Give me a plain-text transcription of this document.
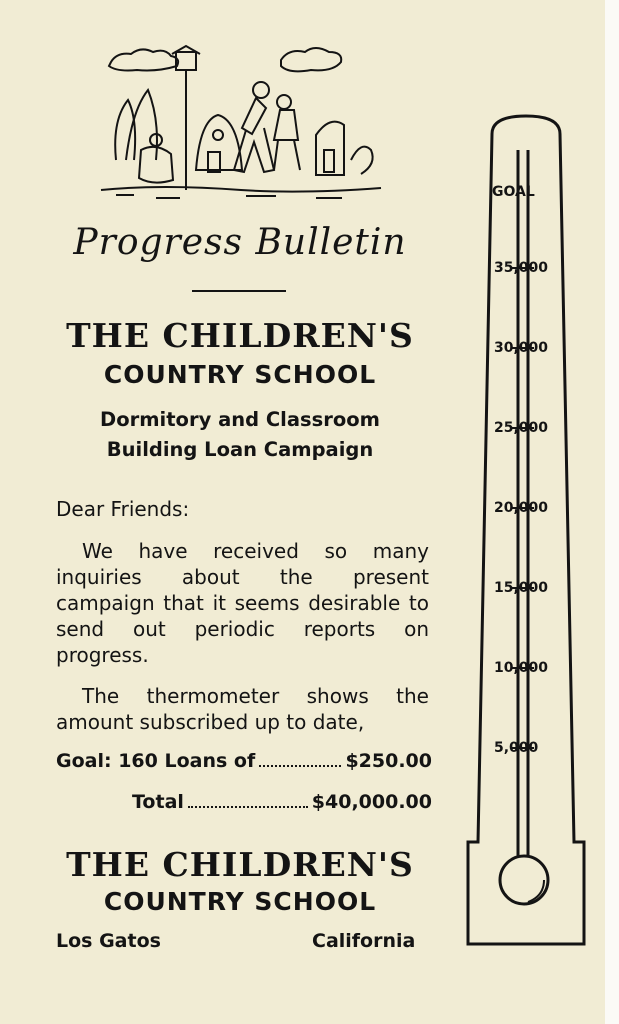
Progress Bulletin
THE CHILDREN'S
COUNTRY SCHOOL
Dormitory and Classroom
Building Loan Campaign
Dear Friends:

We have received so many inquiries about the present campaign that it seems desirable to send out periodic reports on progress.

The thermometer shows the amount subscribed up to date,

Goal: 160 Loans of	$250.00
Total	$40,000.00
THE CHILDREN'S
COUNTRY SCHOOL
Los Gatos	California
GOAL
35,000
30,000
25,000
20,000
15,000
10,000
5,000
